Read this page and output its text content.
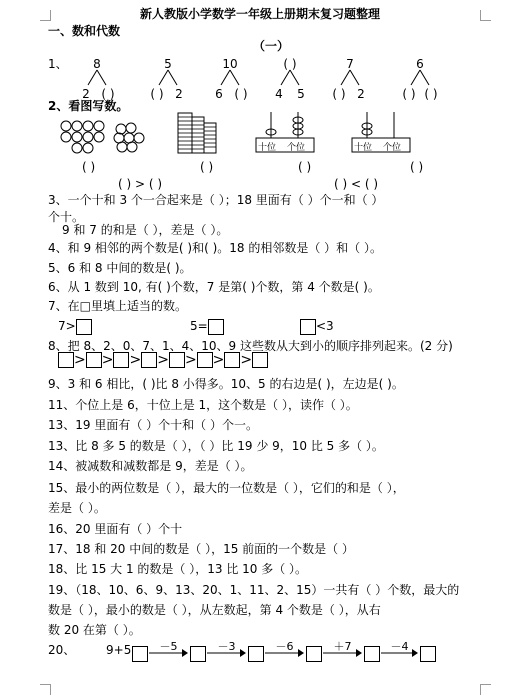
新人教版小学数学一年级上册期末复习题整理
一、数和代数
（一）
1、	8
2 ( )
5
( ) 2
10
6 ( )
( )
4	5
7
( ) 2
6
( ) ( )
2、看图写数。
十位 个位	十位 个位
( )	( )	( )	( )
( ) > ( )	( ) < ( )
3、一个十和 3 个一合起来是（ ）；18 里面有（ ）个一和（ ）
个十。
9 和 7 的和是（ ），差是（ ）。
4、和 9 相邻的两个数是( )和( )。18 的相邻数是（ ）和（ ）。
5、6 和 8 中间的数是( )。
6、从 1 数到 10, 有( )个数，7 是第( )个数，第 4 个数是( )。
7、在□里填上适当的数。
7>	5=	<3
8、把 8、2、0、7、1、4、10、9 这些数从大到小的顺序排列起来。(2 分)
> > > > > > >
9、3 和 6 相比，( )比 8 小得多。10、5 的右边是( )，左边是( )。
11、个位上是 6，十位上是 1，这个数是（ ），读作（ ）。
13、19 里面有（ ）个十和（ ）个一。
13、比 8 多 5 的数是（ ），（ ）比 19 少 9，10 比 5 多（ ）。
14、被减数和减数都是 9，差是（ ）。
15、最小的两位数是（ ），最大的一位数是（ ），它们的和是（ ），
差是（ ）。
16、20 里面有（ ）个十
17、18 和 20 中间的数是（ ），15 前面的一个数是（ ）
18、比 15 大 1 的数是（ ），13 比 10 多（ ）。
19、（18、10、6、9、13、20、1、11、2、15）一共有（ ）个数，最大的
数是（ ），最小的数是（ ），从左数起，第 4 个数是（ ），从右
数 20 在第（ ）。
20、	9+5	－5	－3	－6	＋7	－4
